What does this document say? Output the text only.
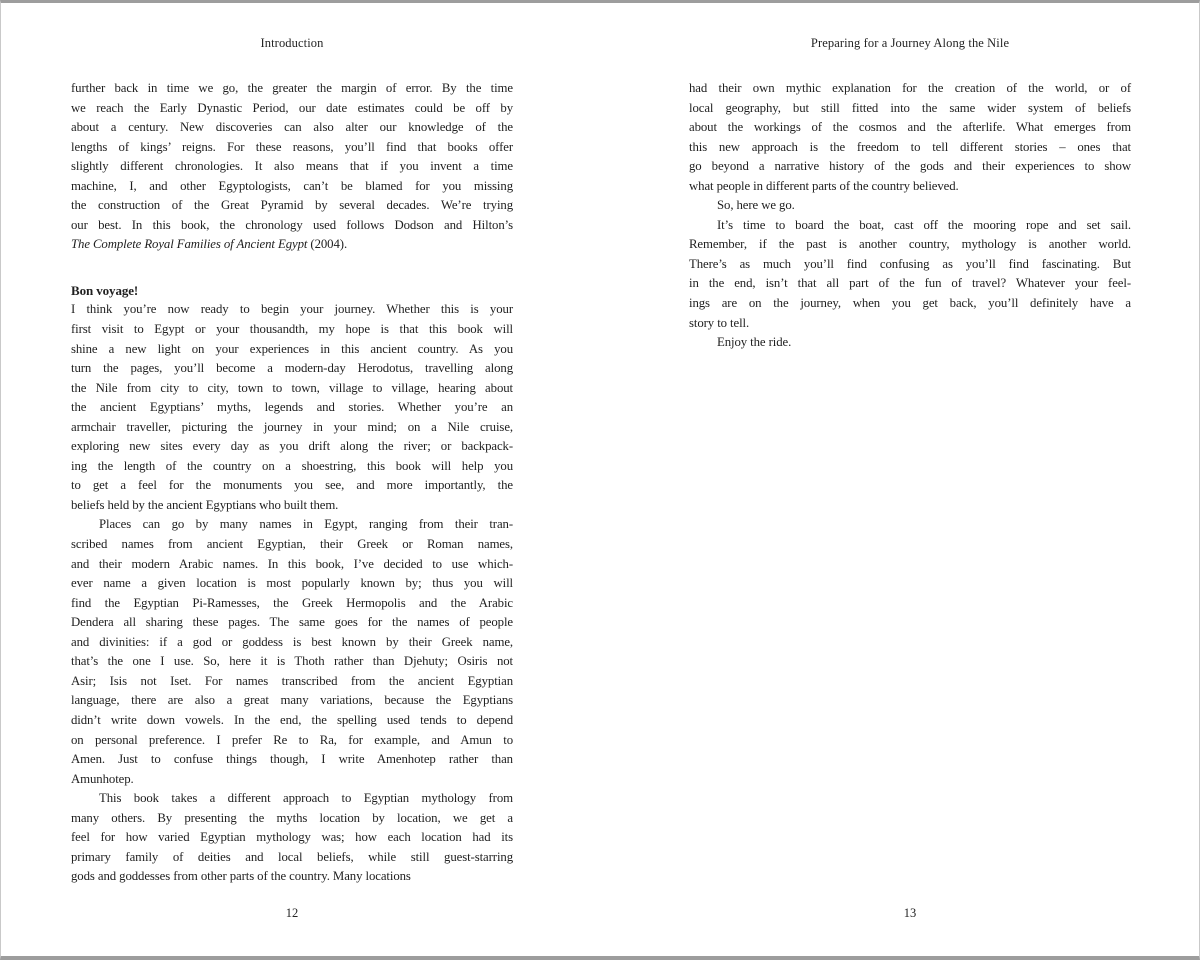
Introduction
further back in time we go, the greater the margin of error. By the time
we reach the Early Dynastic Period, our date estimates could be off by
about a century. New discoveries can also alter our knowledge of the
lengths of kings’ reigns. For these reasons, you’ll find that books offer
slightly different chronologies. It also means that if you invent a time
machine, I, and other Egyptologists, can’t be blamed for you missing
the construction of the Great Pyramid by several decades. We’re trying
our best. In this book, the chronology used follows Dodson and Hilton’s
The Complete Royal Families of Ancient Egypt (2004).
Bon voyage!
I think you’re now ready to begin your journey. Whether this is your
first visit to Egypt or your thousandth, my hope is that this book will
shine a new light on your experiences in this ancient country. As you
turn the pages, you’ll become a modern-day Herodotus, travelling along
the Nile from city to city, town to town, village to village, hearing about
the ancient Egyptians’ myths, legends and stories. Whether you’re an
armchair traveller, picturing the journey in your mind; on a Nile cruise,
exploring new sites every day as you drift along the river; or backpack-
ing the length of the country on a shoestring, this book will help you
to get a feel for the monuments you see, and more importantly, the
beliefs held by the ancient Egyptians who built them.
Places can go by many names in Egypt, ranging from their tran-
scribed names from ancient Egyptian, their Greek or Roman names,
and their modern Arabic names. In this book, I’ve decided to use which-
ever name a given location is most popularly known by; thus you will
find the Egyptian Pi-Ramesses, the Greek Hermopolis and the Arabic
Dendera all sharing these pages. The same goes for the names of people
and divinities: if a god or goddess is best known by their Greek name,
that’s the one I use. So, here it is Thoth rather than Djehuty; Osiris not
Asir; Isis not Iset. For names transcribed from the ancient Egyptian
language, there are also a great many variations, because the Egyptians
didn’t write down vowels. In the end, the spelling used tends to depend
on personal preference. I prefer Re to Ra, for example, and Amun to
Amen. Just to confuse things though, I write Amenhotep rather than
Amunhotep.
This book takes a different approach to Egyptian mythology from
many others. By presenting the myths location by location, we get a
feel for how varied Egyptian mythology was; how each location had its
primary family of deities and local beliefs, while still guest-starring
gods and goddesses from other parts of the country. Many locations
12
Preparing for a Journey Along the Nile
had their own mythic explanation for the creation of the world, or of
local geography, but still fitted into the same wider system of beliefs
about the workings of the cosmos and the afterlife. What emerges from
this new approach is the freedom to tell different stories – ones that
go beyond a narrative history of the gods and their experiences to show
what people in different parts of the country believed.
So, here we go.
It’s time to board the boat, cast off the mooring rope and set sail.
Remember, if the past is another country, mythology is another world.
There’s as much you’ll find confusing as you’ll find fascinating. But
in the end, isn’t that all part of the fun of travel? Whatever your feel-
ings are on the journey, when you get back, you’ll definitely have a
story to tell.
Enjoy the ride.
13
